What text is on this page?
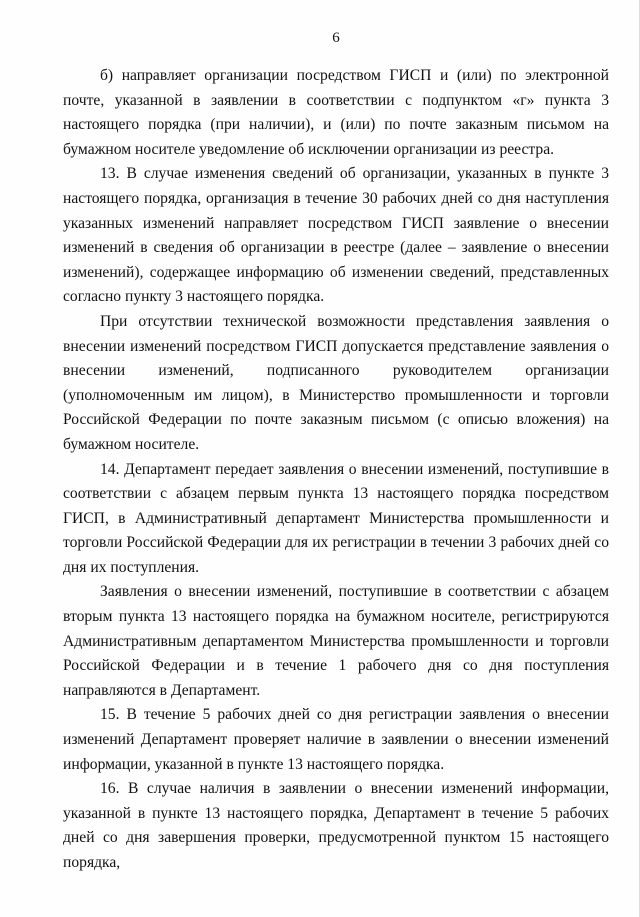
6

б) направляет организации посредством ГИСП и (или) по электронной почте, указанной в заявлении в соответствии с подпунктом «г» пункта 3 настоящего порядка (при наличии), и (или) по почте заказным письмом на бумажном носителе уведомление об исключении организации из реестра.

13. В случае изменения сведений об организации, указанных в пункте 3 настоящего порядка, организация в течение 30 рабочих дней со дня наступления указанных изменений направляет посредством ГИСП заявление о внесении изменений в сведения об организации в реестре (далее – заявление о внесении изменений), содержащее информацию об изменении сведений, представленных согласно пункту 3 настоящего порядка.

При отсутствии технической возможности представления заявления о внесении изменений посредством ГИСП допускается представление заявления о внесении изменений, подписанного руководителем организации (уполномоченным им лицом), в Министерство промышленности и торговли Российской Федерации по почте заказным письмом (с описью вложения) на бумажном носителе.

14. Департамент передает заявления о внесении изменений, поступившие в соответствии с абзацем первым пункта 13 настоящего порядка посредством ГИСП, в Административный департамент Министерства промышленности и торговли Российской Федерации для их регистрации в течении 3 рабочих дней со дня их поступления.

Заявления о внесении изменений, поступившие в соответствии с абзацем вторым пункта 13 настоящего порядка на бумажном носителе, регистрируются Административным департаментом Министерства промышленности и торговли Российской Федерации и в течение 1 рабочего дня со дня поступления направляются в Департамент.

15. В течение 5 рабочих дней со дня регистрации заявления о внесении изменений Департамент проверяет наличие в заявлении о внесении изменений информации, указанной в пункте 13 настоящего порядка.

16. В случае наличия в заявлении о внесении изменений информации, указанной в пункте 13 настоящего порядка, Департамент в течение 5 рабочих дней со дня завершения проверки, предусмотренной пунктом 15 настоящего порядка,
